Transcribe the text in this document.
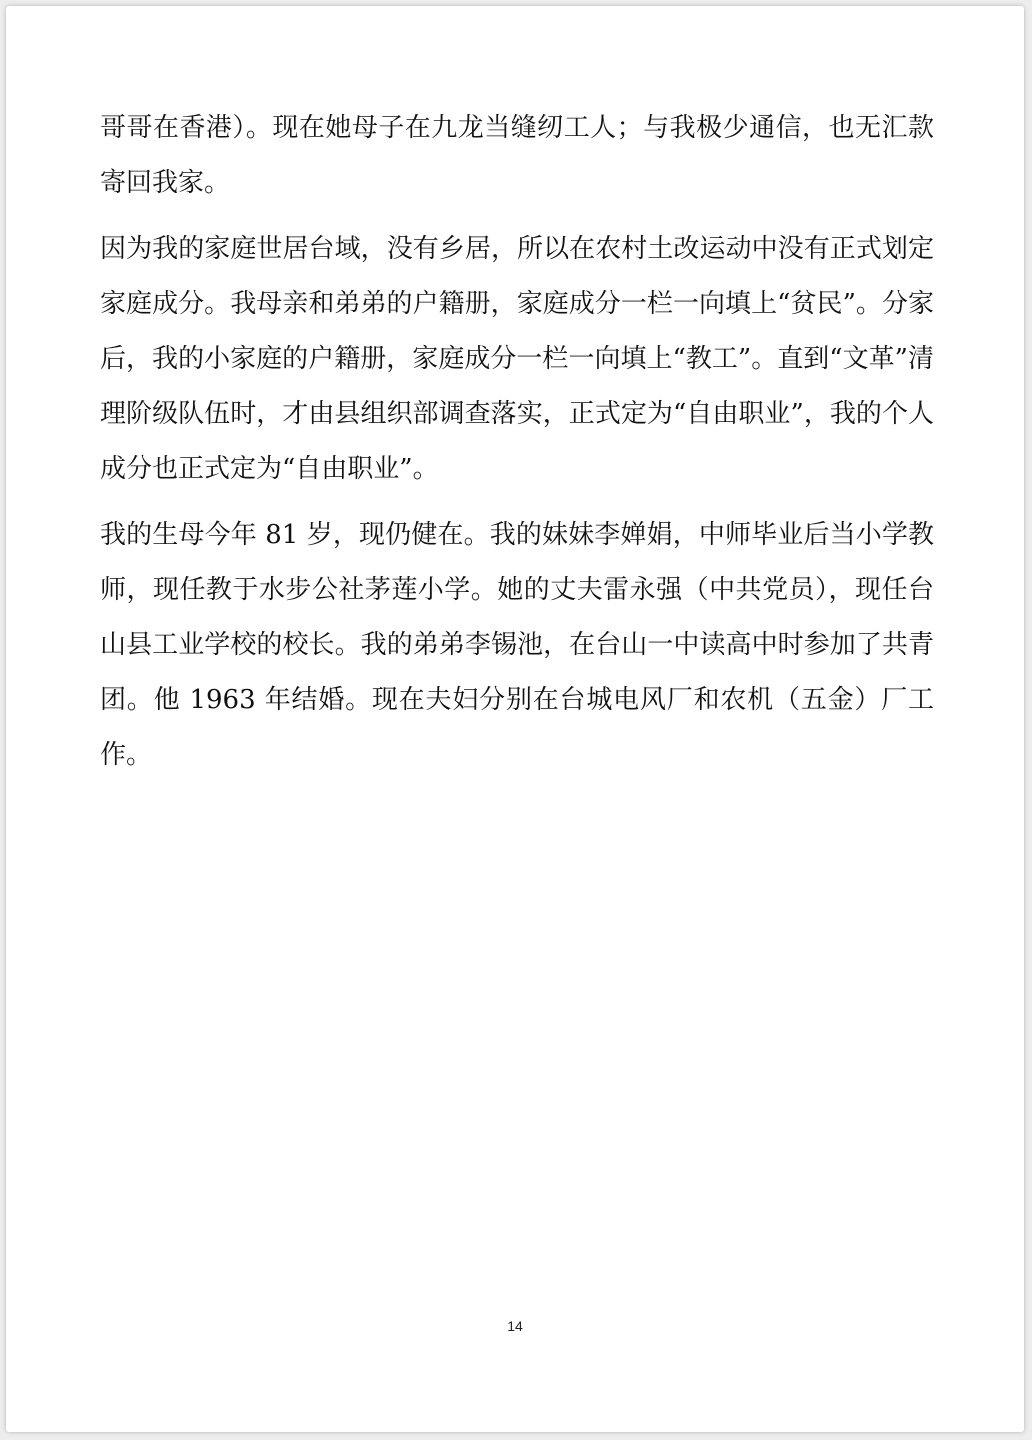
哥哥在香港）。现在她母子在九龙当缝纫工人；与我极少通信，也无汇款寄回我家。

因为我的家庭世居台域，没有乡居，所以在农村土改运动中没有正式划定家庭成分。我母亲和弟弟的户籍册，家庭成分一栏一向填上“贫民”。分家后，我的小家庭的户籍册，家庭成分一栏一向填上“教工”。直到“文革”清理阶级队伍时，才由县组织部调查落实，正式定为“自由职业”，我的个人成分也正式定为“自由职业”。

我的生母今年 81 岁，现仍健在。我的妹妹李婵娟，中师毕业后当小学教师，现任教于水步公社茅莲小学。她的丈夫雷永强（中共党员），现任台山县工业学校的校长。我的弟弟李锡池，在台山一中读高中时参加了共青团。他 1963 年结婚。现在夫妇分别在台城电风厂和农机（五金）厂工作。

14
